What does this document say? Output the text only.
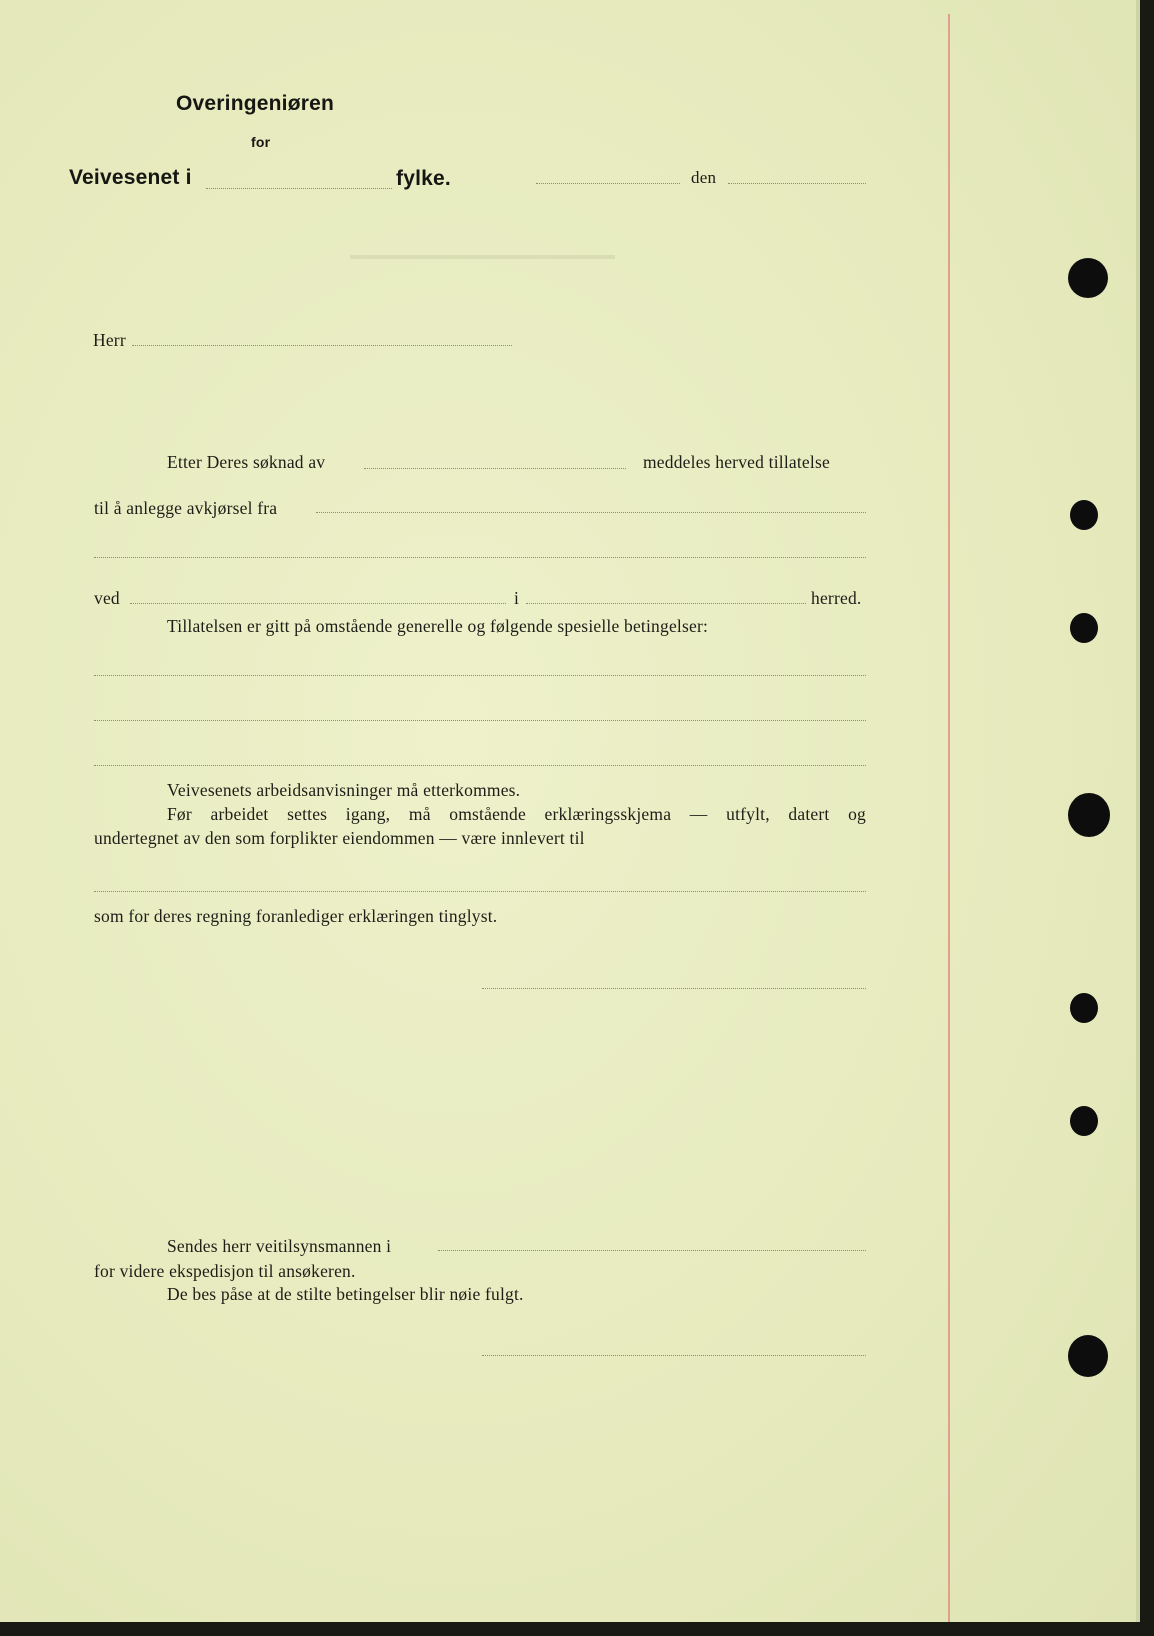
Overingeniøren
for
Veivesenet i	fylke.	den
Herr
Etter Deres søknad av	meddeles herved tillatelse
til å anlegge avkjørsel fra
ved	i	herred.
Tillatelsen er gitt på omstående generelle og følgende spesielle betingelser:
Veivesenets arbeidsanvisninger må etterkommes.
Før arbeidet settes igang, må omstående erklæringsskjema — utfylt, datert og
undertegnet av den som forplikter eiendommen — være innlevert til
som for deres regning foranlediger erklæringen tinglyst.
Sendes herr veitilsynsmannen i
for videre ekspedisjon til ansøkeren.
De bes påse at de stilte betingelser blir nøie fulgt.
